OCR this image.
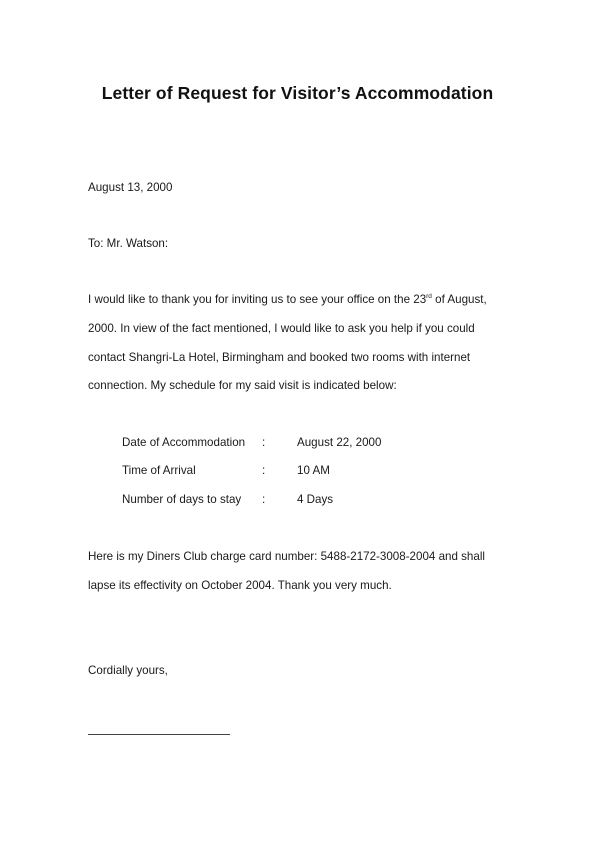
Letter of Request for Visitor’s Accommodation
August 13, 2000
To: Mr. Watson:
I would like to thank you for inviting us to see your office on the 23rd of August,
2000. In view of the fact mentioned, I would like to ask you help if you could
contact Shangri-La Hotel, Birmingham and booked two rooms with internet
connection. My schedule for my said visit is indicated below:
Date of Accommodation :	August 22, 2000
Time of Arrival	:	10 AM
Number of days to stay :	4 Days
Here is my Diners Club charge card number: 5488-2172-3008-2004 and shall
lapse its effectivity on October 2004. Thank you very much.
Cordially yours,
